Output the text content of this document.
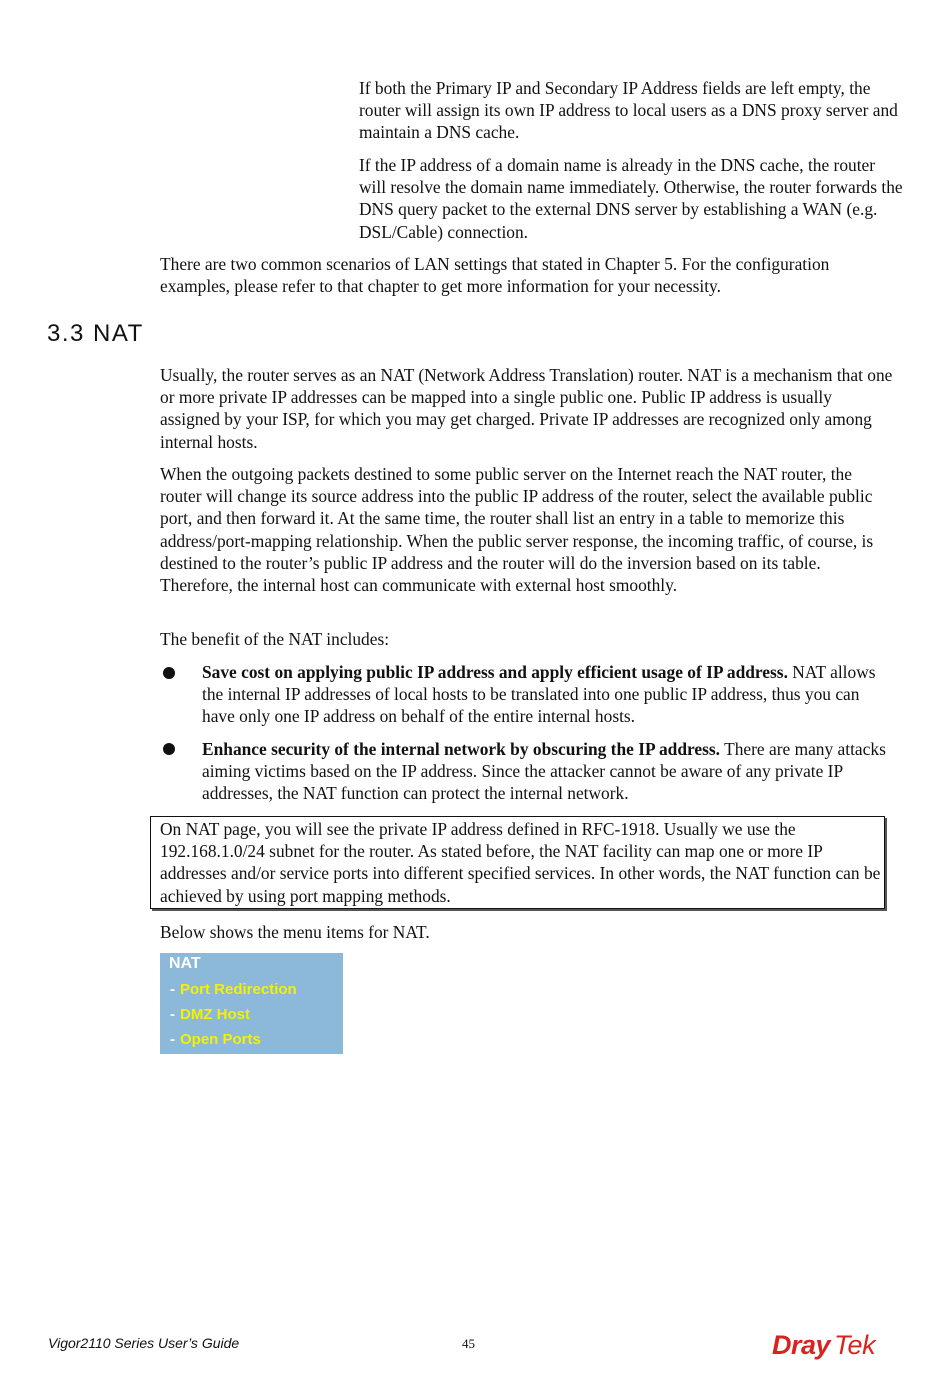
If both the Primary IP and Secondary IP Address fields are left empty, the router will assign its own IP address to local users as a DNS proxy server and maintain a DNS cache.

If the IP address of a domain name is already in the DNS cache, the router will resolve the domain name immediately. Otherwise, the router forwards the DNS query packet to the external DNS server by establishing a WAN (e.g. DSL/Cable) connection.

There are two common scenarios of LAN settings that stated in Chapter 5. For the configuration examples, please refer to that chapter to get more information for your necessity.

3.3 NAT

Usually, the router serves as an NAT (Network Address Translation) router. NAT is a mechanism that one or more private IP addresses can be mapped into a single public one. Public IP address is usually assigned by your ISP, for which you may get charged. Private IP addresses are recognized only among internal hosts.

When the outgoing packets destined to some public server on the Internet reach the NAT router, the router will change its source address into the public IP address of the router, select the available public port, and then forward it. At the same time, the router shall list an entry in a table to memorize this address/port-mapping relationship. When the public server response, the incoming traffic, of course, is destined to the router’s public IP address and the router will do the inversion based on its table. Therefore, the internal host can communicate with external host smoothly.

The benefit of the NAT includes:

Save cost on applying public IP address and apply efficient usage of IP address. NAT allows the internal IP addresses of local hosts to be translated into one public IP address, thus you can have only one IP address on behalf of the entire internal hosts.

Enhance security of the internal network by obscuring the IP address. There are many attacks aiming victims based on the IP address. Since the attacker cannot be aware of any private IP addresses, the NAT function can protect the internal network.

On NAT page, you will see the private IP address defined in RFC-1918. Usually we use the 192.168.1.0/24 subnet for the router. As stated before, the NAT facility can map one or more IP addresses and/or service ports into different specified services. In other words, the NAT function can be achieved by using port mapping methods.

Below shows the menu items for NAT.

NAT
- Port Redirection
- DMZ Host
- Open Ports

Vigor2110 Series User’s Guide	45	Dray Tek
